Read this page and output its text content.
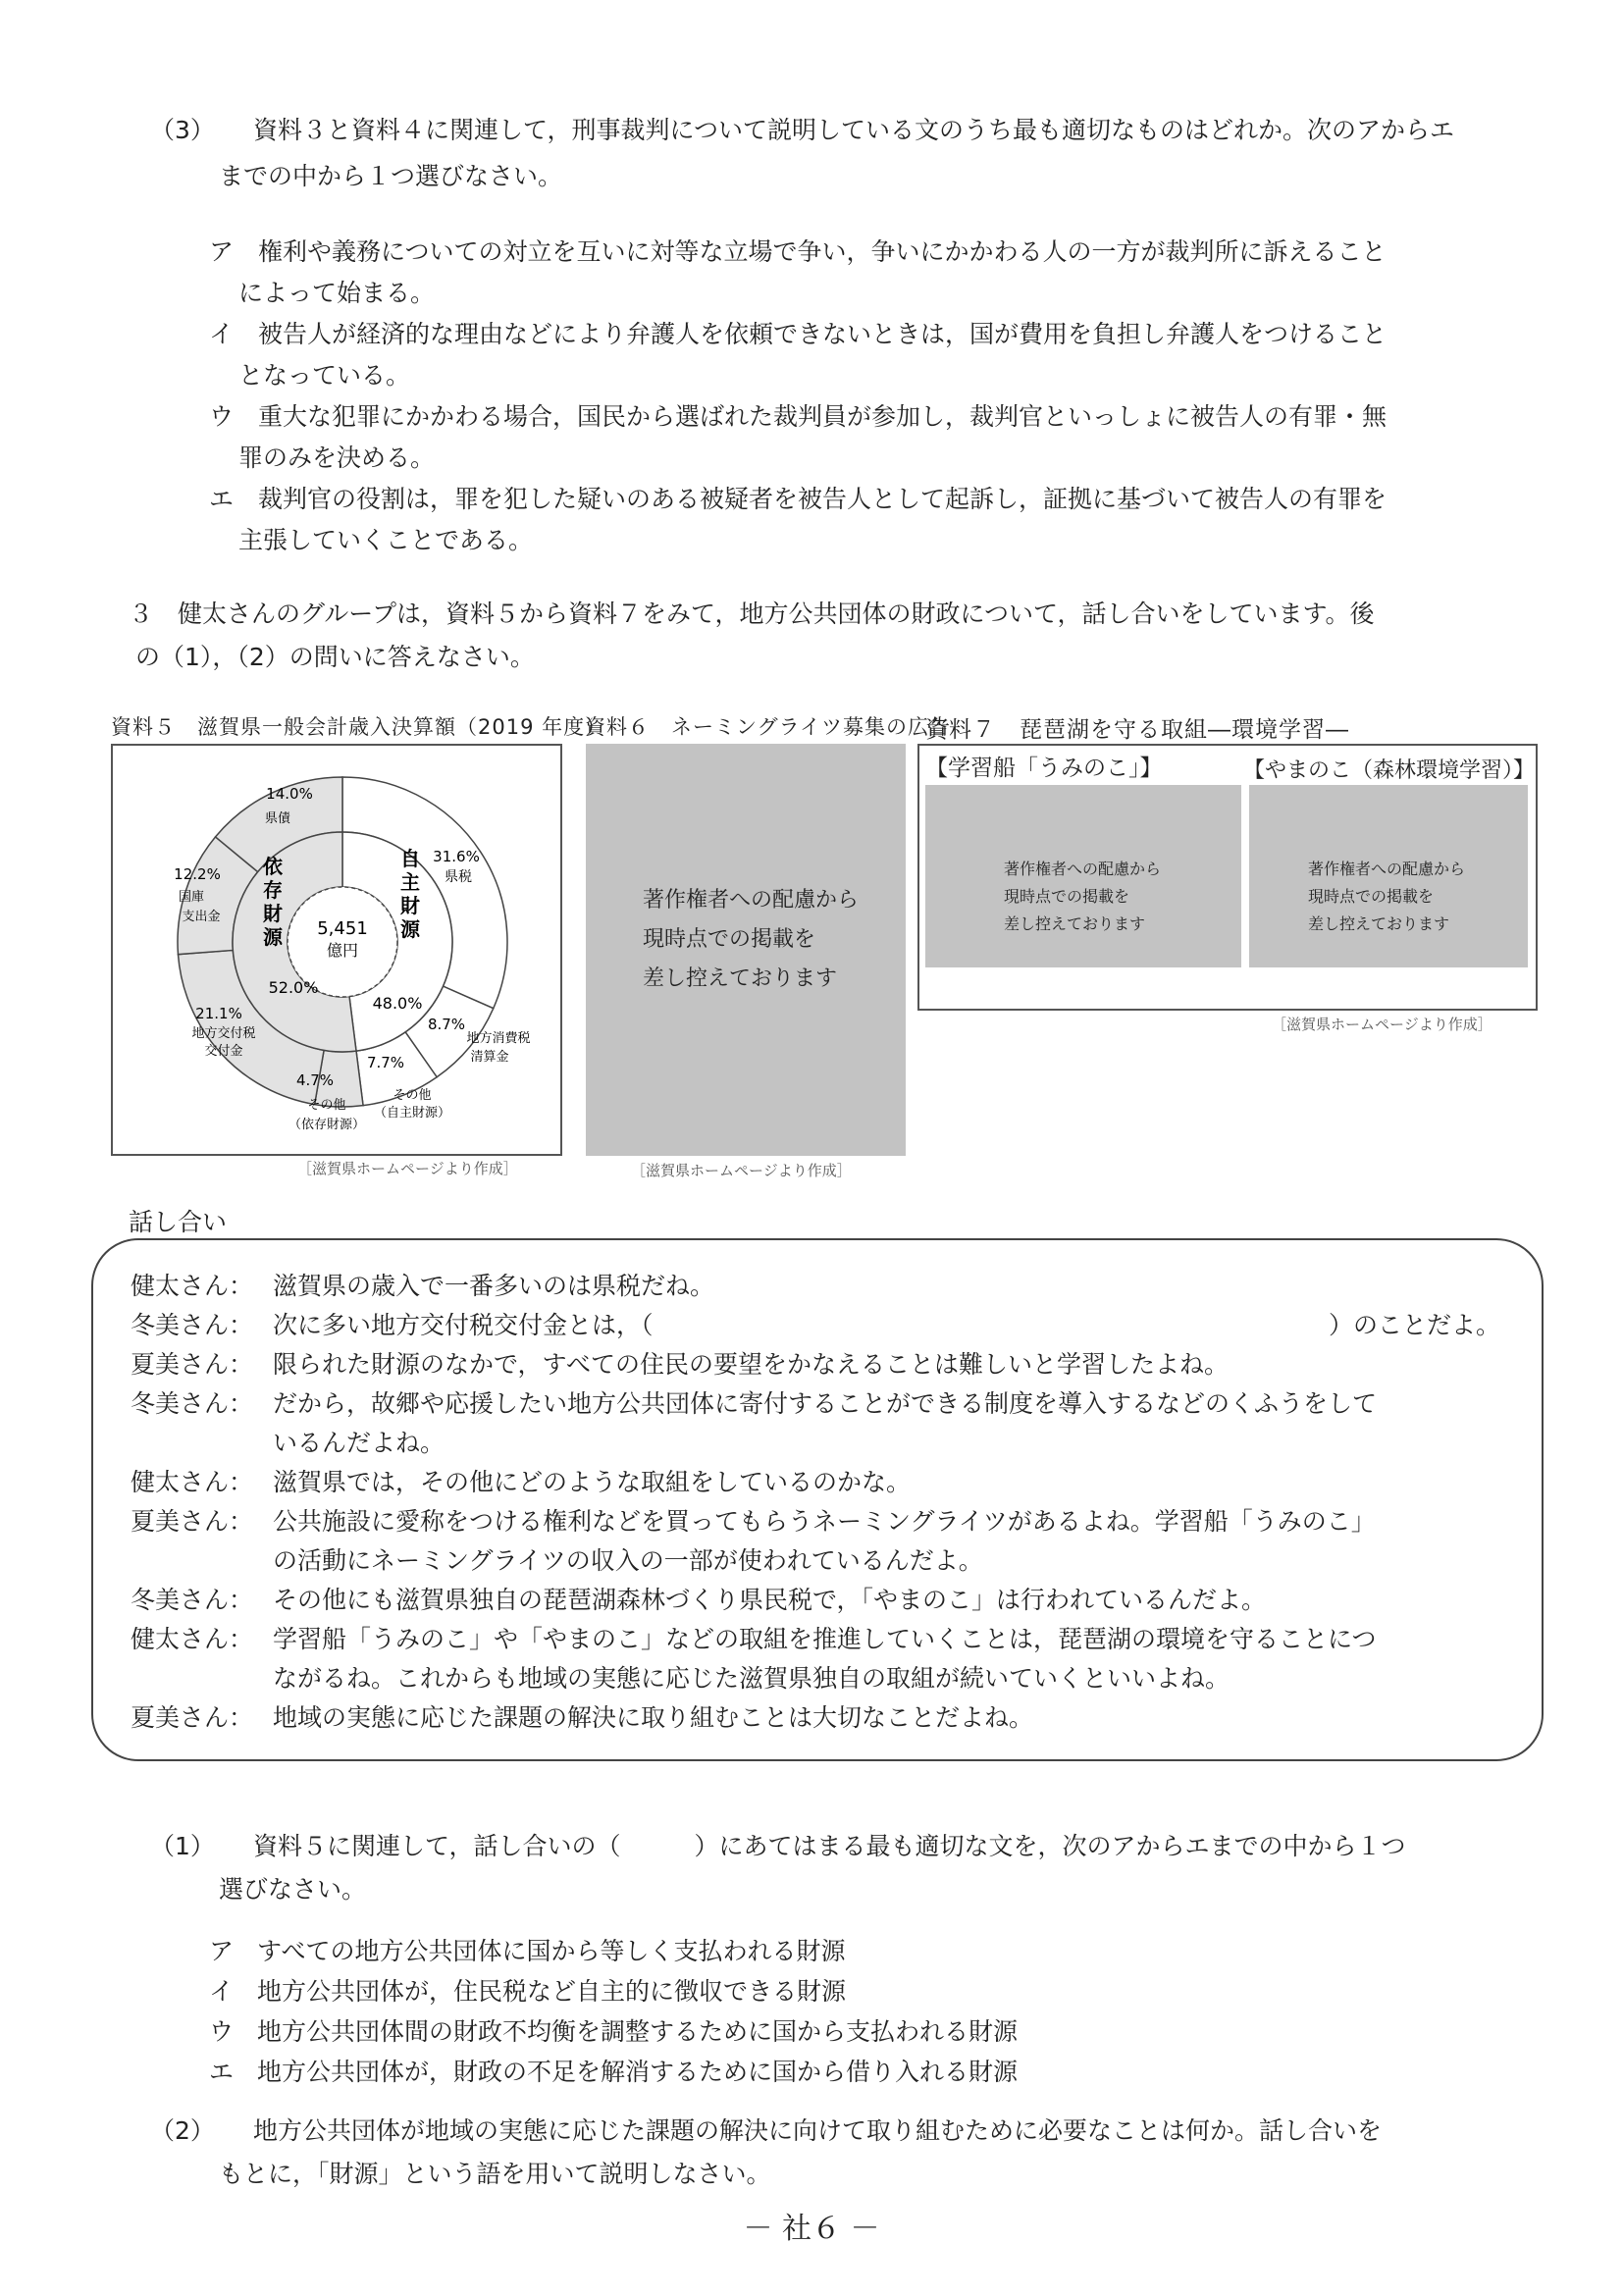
（3） 資料３と資料４に関連して，刑事裁判について説明している文のうち最も適切なものはどれか。次のアからエ
までの中から１つ選びなさい。
ア 権利や義務についての対立を互いに対等な立場で争い，争いにかかわる人の一方が裁判所に訴えること
によって始まる。
イ 被告人が経済的な理由などにより弁護人を依頼できないときは，国が費用を負担し弁護人をつけること
となっている。
ウ 重大な犯罪にかかわる場合，国民から選ばれた裁判員が参加し，裁判官といっしょに被告人の有罪・無
罪のみを決める。
エ 裁判官の役割は，罪を犯した疑いのある被疑者を被告人として起訴し，証拠に基づいて被告人の有罪を
主張していくことである。
３　健太さんのグループは，資料５から資料７をみて，地方公共団体の財政について，話し合いをしています。後
の（1），（2）の問いに答えなさい。
資料５　滋賀県一般会計歳入決算額（2019 年度）
資料６　ネーミングライツ募集の広告
資料７　琵琶湖を守る取組―環境学習―
5,451
億円
自主財源
依存財源
48.0%
52.0%
31.6%
県税
8.7%
地方消費税
清算金
7.7%
その他
（自主財源）
4.7%
その他
（依存財源）
21.1%
地方交付税
交付金
12.2%
国庫
支出金
14.0%
県債
［滋賀県ホームページより作成］
著作権者への配慮から
現時点での掲載を
差し控えております
［滋賀県ホームページより作成］
【学習船「うみのこ」】	【やまのこ（森林環境学習）】
著作権者への配慮から
現時点での掲載を
差し控えております
著作権者への配慮から
現時点での掲載を
差し控えております
［滋賀県ホームページより作成］
話し合い
健太さん： 滋賀県の歳入で一番多いのは県税だね。
冬美さん： 次に多い地方交付税交付金とは，（	）のことだよ。
夏美さん： 限られた財源のなかで，すべての住民の要望をかなえることは難しいと学習したよね。
冬美さん： だから，故郷や応援したい地方公共団体に寄付することができる制度を導入するなどのくふうをして
いるんだよね。
健太さん： 滋賀県では，その他にどのような取組をしているのかな。
夏美さん： 公共施設に愛称をつける権利などを買ってもらうネーミングライツがあるよね。学習船「うみのこ」
の活動にネーミングライツの収入の一部が使われているんだよ。
冬美さん： その他にも滋賀県独自の琵琶湖森林づくり県民税で，「やまのこ」は行われているんだよ。
健太さん： 学習船「うみのこ」や「やまのこ」などの取組を推進していくことは，琵琶湖の環境を守ることにつ
ながるね。これからも地域の実態に応じた滋賀県独自の取組が続いていくといいよね。
夏美さん： 地域の実態に応じた課題の解決に取り組むことは大切なことだよね。
（1） 資料５に関連して，話し合いの（　　　）にあてはまる最も適切な文を，次のアからエまでの中から１つ
選びなさい。
ア すべての地方公共団体に国から等しく支払われる財源
イ 地方公共団体が，住民税など自主的に徴収できる財源
ウ 地方公共団体間の財政不均衡を調整するために国から支払われる財源
エ 地方公共団体が，財政の不足を解消するために国から借り入れる財源
（2） 地方公共団体が地域の実態に応じた課題の解決に向けて取り組むために必要なことは何か。話し合いを
もとに，「財源」という語を用いて説明しなさい。
－ 社６ －
